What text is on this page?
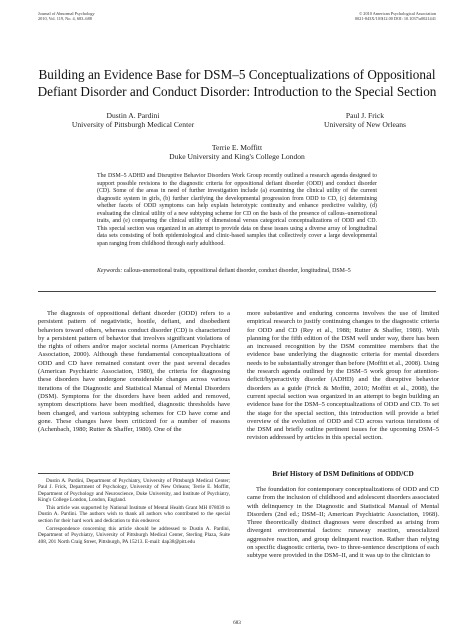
Journal of Abnormal Psychology
2010, Vol. 119, No. 4, 683–688
© 2010 American Psychological Association
0021-843X/10/$12.00 DOI: 10.1037/a0021441
Building an Evidence Base for DSM–5 Conceptualizations of Oppositional Defiant Disorder and Conduct Disorder: Introduction to the Special Section
Dustin A. Pardini
University of Pittsburgh Medical Center
Paul J. Frick
University of New Orleans
Terrie E. Moffitt
Duke University and King's College London
The DSM–5 ADHD and Disruptive Behavior Disorders Work Group recently outlined a research agenda designed to support possible revisions to the diagnostic criteria for oppositional defiant disorder (ODD) and conduct disorder (CD). Some of the areas in need of further investigation include (a) examining the clinical utility of the current diagnostic system in girls, (b) further clarifying the developmental progression from ODD to CD, (c) determining whether facets of ODD symptoms can help explain heterotypic continuity and enhance predictive validity, (d) evaluating the clinical utility of a new subtyping scheme for CD on the basis of the presence of callous–unemotional traits, and (e) comparing the clinical utility of dimensional versus categorical conceptualizations of ODD and CD. This special section was organized in an attempt to provide data on these issues using a diverse array of longitudinal data sets consisting of both epidemiological and clinic-based samples that collectively cover a large developmental span ranging from childhood through early adulthood.
Keywords: callous-unemotional traits, oppositional defiant disorder, conduct disorder, longitudinal, DSM–5

The diagnosis of oppositional defiant disorder (ODD) refers to a persistent pattern of negativistic, hostile, defiant, and disobedient behaviors toward others, whereas conduct disorder (CD) is characterized by a persistent pattern of behavior that involves significant violations of the rights of others and/or major societal norms (American Psychiatric Association, 2000). Although these fundamental conceptualizations of ODD and CD have remained constant over the past several decades (American Psychiatric Association, 1980), the criteria for diagnosing these disorders have undergone considerable changes across various iterations of the Diagnostic and Statistical Manual of Mental Disorders (DSM). Symptoms for the disorders have been added and removed, symptom descriptions have been modified, diagnostic thresholds have been changed, and various subtyping schemes for CD have come and gone. These changes have been criticized for a number of reasons (Achenbach, 1980; Rutter & Shaffer, 1980). One of the

Dustin A. Pardini, Department of Psychiatry, University of Pittsburgh Medical Center; Paul J. Frick, Department of Psychology, University of New Orleans; Terrie E. Moffitt, Department of Psychology and Neuroscience, Duke University, and Institute of Psychiatry, King's College London, London, England.

This article was supported by National Institute of Mental Health Grant MH 078039 to Dustin A. Pardini. The authors wish to thank all authors who contributed to the special section for their hard work and dedication to this endeavor.

Correspondence concerning this article should be addressed to Dustin A. Pardini, Department of Psychiatry, University of Pittsburgh Medical Center, Sterling Plaza, Suite 408, 201 North Craig Street, Pittsburgh, PA 15213. E-mail: dap38@pitt.edu

more substantive and enduring concerns involves the use of limited empirical research to justify continuing changes to the diagnostic criteria for ODD and CD (Rey et al., 1988; Rutter & Shaffer, 1980). With planning for the fifth edition of the DSM well under way, there has been an increased recognition by the DSM committee members that the evidence base underlying the diagnostic criteria for mental disorders needs to be substantially stronger than before (Moffitt et al., 2008). Using the research agenda outlined by the DSM–5 work group for attention-deficit/hyperactivity disorder (ADHD) and the disruptive behavior disorders as a guide (Frick & Moffitt, 2010; Moffitt et al., 2008), the current special section was organized in an attempt to begin building an evidence base for the DSM–5 conceptualizations of ODD and CD. To set the stage for the special section, this introduction will provide a brief overview of the evolution of ODD and CD across various iterations of the DSM and briefly outline pertinent issues for the upcoming DSM–5 revision addressed by articles in this special section.

Brief History of DSM Definitions of ODD/CD

The foundation for contemporary conceptualizations of ODD and CD came from the inclusion of childhood and adolescent disorders associated with delinquency in the Diagnostic and Statistical Manual of Mental Disorders (2nd ed.; DSM–II; American Psychiatric Association, 1968). Three theoretically distinct diagnoses were described as arising from divergent environmental factors: runaway reaction, unsocialized aggressive reaction, and group delinquent reaction. Rather than relying on specific diagnostic criteria, two- to three-sentence descriptions of each subtype were provided in the DSM–II, and it was up to the clinician to

683
